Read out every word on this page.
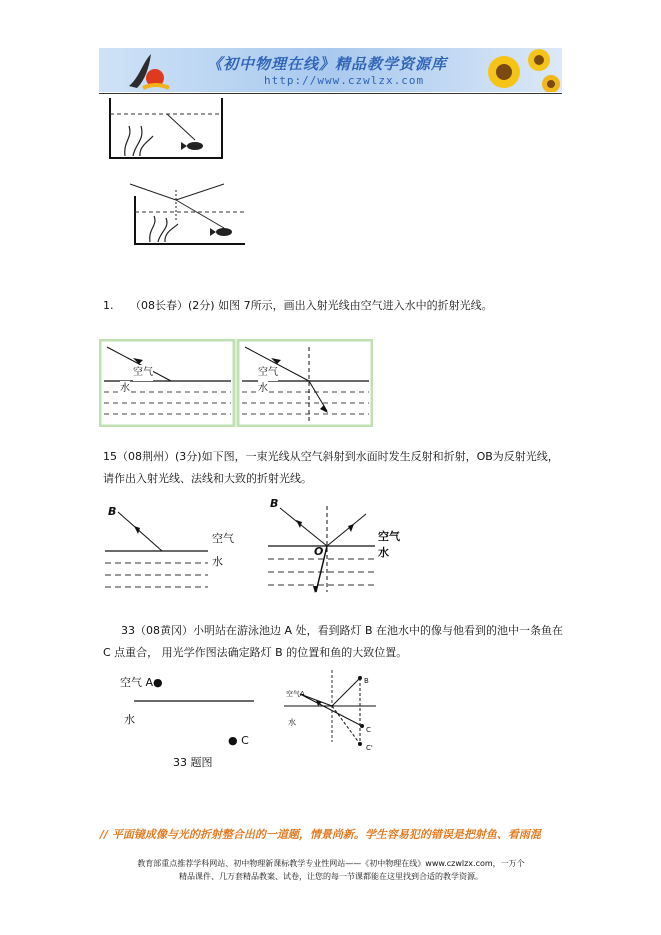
《初中物理在线》精品教学资源库
http://www.czwlzx.com
1. （08长春）(2分) 如图 7所示，画出入射光线由空气进入水中的折射光线。
空气
水
空气
水
15（08荆州）(3分)如下图，一束光线从空气斜射到水面时发生反射和折射，OB为反射光线，请作出入射光线、法线和大致的折射光线。
B
空气
水
B
O
空气
水
33（08黄冈）小明站在游泳池边 A 处，看到路灯 B 在池水中的像与他看到的池中一条鱼在 C 点重合， 用光学作图法确定路灯 B 的位置和鱼的大致位置。
空气 A●
水
● C
33 题图
空气A
水
B
C
C'
// 平面镜成像与光的折射整合出的一道题，情景尚新。学生容易犯的错误是把射鱼、看雨混
教育部重点推荐学科网站、初中物理新课标教学专业性网站——《初中物理在线》www.czwlzx.com，一万个
精品课件、几万套精品教案、试卷，让您的每一节课都能在这里找到合适的教学资源。
